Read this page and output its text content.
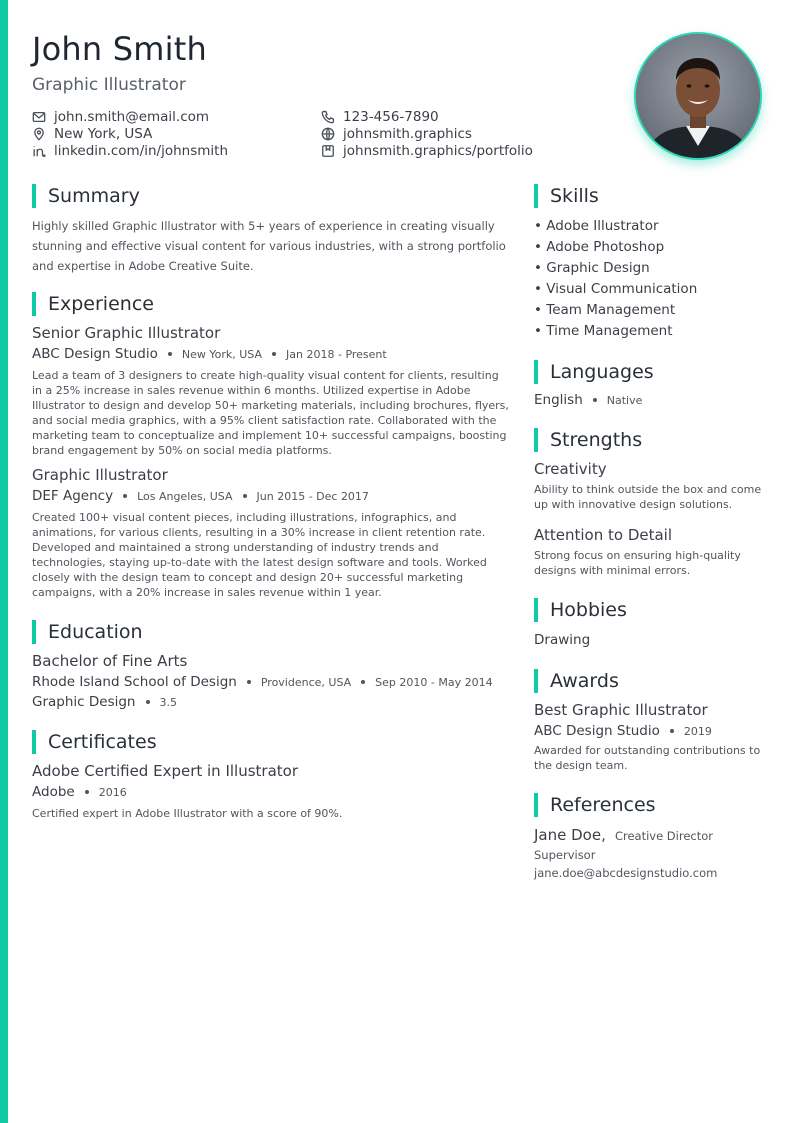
John Smith
Graphic Illustrator
john.smith@email.com	123-456-7890
New York, USA	johnsmith.graphics
linkedin.com/in/johnsmith	johnsmith.graphics/portfolio
Summary
Highly skilled Graphic Illustrator with 5+ years of experience in creating visually stunning and effective visual content for various industries, with a strong portfolio and expertise in Adobe Creative Suite.
Experience
Senior Graphic Illustrator
ABC Design Studio New York, USA Jan 2018 - Present
Lead a team of 3 designers to create high-quality visual content for clients, resulting in a 25% increase in sales revenue within 6 months. Utilized expertise in Adobe Illustrator to design and develop 50+ marketing materials, including brochures, flyers, and social media graphics, with a 95% client satisfaction rate. Collaborated with the marketing team to conceptualize and implement 10+ successful campaigns, boosting brand engagement by 50% on social media platforms.
Graphic Illustrator
DEF Agency Los Angeles, USA Jun 2015 - Dec 2017
Created 100+ visual content pieces, including illustrations, infographics, and animations, for various clients, resulting in a 30% increase in client retention rate. Developed and maintained a strong understanding of industry trends and technologies, staying up-to-date with the latest design software and tools. Worked closely with the design team to concept and design 20+ successful marketing campaigns, with a 20% increase in sales revenue within 1 year.
Education
Bachelor of Fine Arts
Rhode Island School of Design Providence, USA Sep 2010 - May 2014
Graphic Design 3.5
Certificates
Adobe Certified Expert in Illustrator
Adobe 2016
Certified expert in Adobe Illustrator with a score of 90%.
Skills
• Adobe Illustrator
• Adobe Photoshop
• Graphic Design
• Visual Communication
• Team Management
• Time Management
Languages
English Native
Strengths
Creativity
Ability to think outside the box and come up with innovative design solutions.
Attention to Detail
Strong focus on ensuring high-quality designs with minimal errors.
Hobbies
Drawing
Awards
Best Graphic Illustrator
ABC Design Studio 2019
Awarded for outstanding contributions to the design team.
References
Jane Doe, Creative Director
Supervisor
jane.doe@abcdesignstudio.com
